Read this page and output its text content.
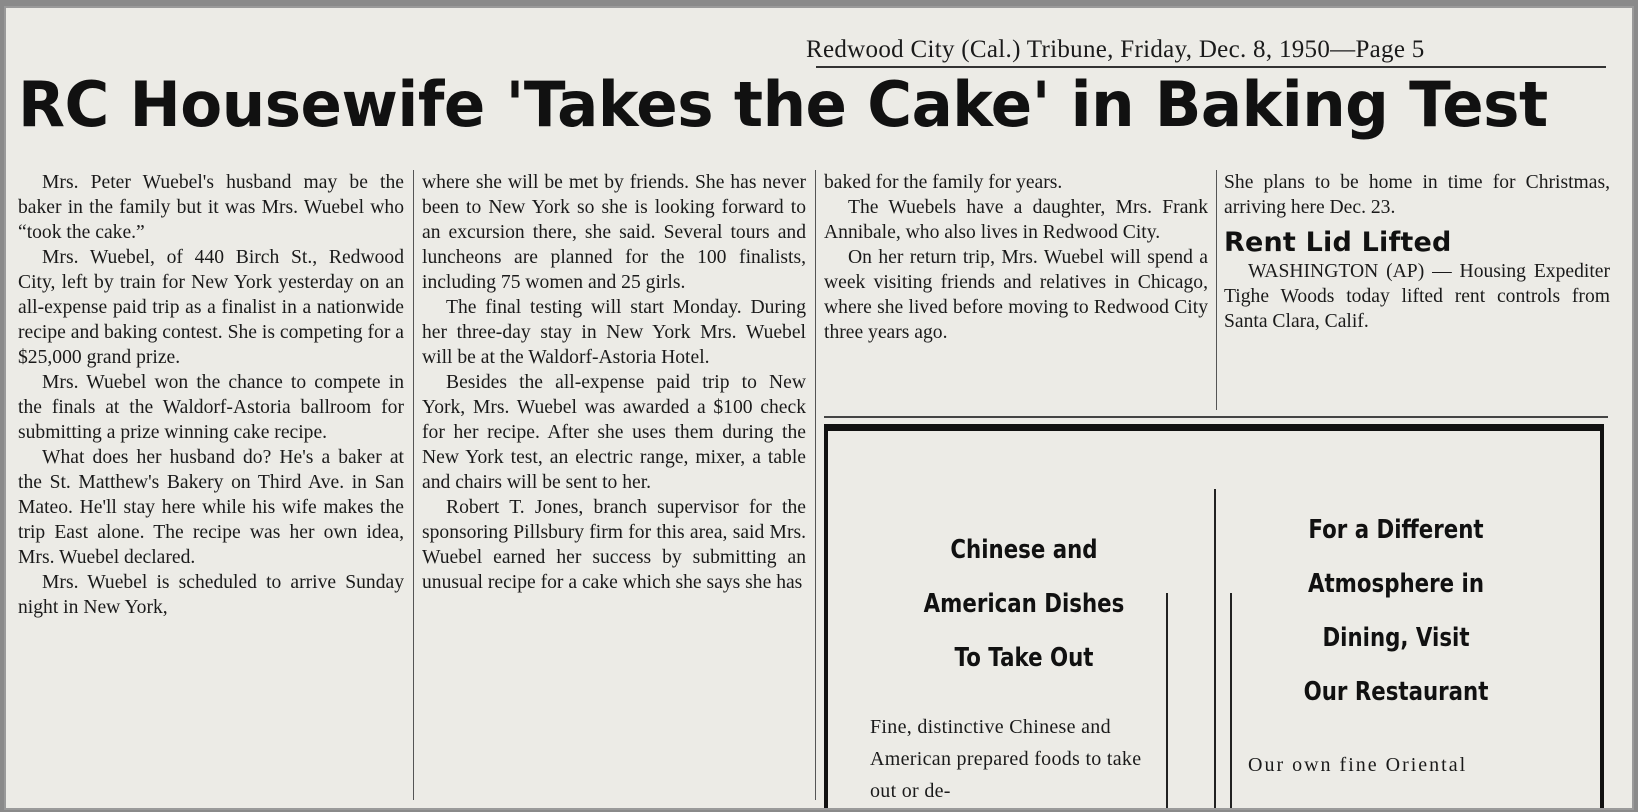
Redwood City (Cal.) Tribune, Friday, Dec. 8, 1950—Page 5
RC Housewife 'Takes the Cake' in Baking Test

Mrs. Peter Wuebel's husband may be the baker in the family but it was Mrs. Wuebel who “took the cake.”

Mrs. Wuebel, of 440 Birch St., Redwood City, left by train for New York yesterday on an all-expense paid trip as a finalist in a nationwide recipe and baking contest. She is competing for a $25,000 grand prize.

Mrs. Wuebel won the chance to compete in the finals at the Waldorf-Astoria ballroom for submitting a prize winning cake recipe.

What does her husband do? He's a baker at the St. Matthew's Bakery on Third Ave. in San Mateo. He'll stay here while his wife makes the trip East alone. The recipe was her own idea, Mrs. Wuebel declared.

Mrs. Wuebel is scheduled to arrive Sunday night in New York,

where she will be met by friends. She has never been to New York so she is looking forward to an excursion there, she said. Several tours and luncheons are planned for the 100 finalists, including 75 women and 25 girls.

The final testing will start Monday. During her three-day stay in New York Mrs. Wuebel will be at the Waldorf-Astoria Hotel.

Besides the all-expense paid trip to New York, Mrs. Wuebel was awarded a $100 check for her recipe. After she uses them during the New York test, an electric range, mixer, a table and chairs will be sent to her.

Robert T. Jones, branch supervisor for the sponsoring Pillsbury firm for this area, said Mrs. Wuebel earned her success by submitting an unusual recipe for a cake which she says she has

baked for the family for years.

The Wuebels have a daughter, Mrs. Frank Annibale, who also lives in Redwood City.

On her return trip, Mrs. Wuebel will spend a week visiting friends and relatives in Chicago, where she lived before moving to Redwood City three years ago.

She plans to be home in time for Christmas, arriving here Dec. 23.

Rent Lid Lifted

WASHINGTON (AP) — Housing Expediter Tighe Woods today lifted rent controls from Santa Clara, Calif.

Chinese and
American Dishes
To Take Out
Fine, distinctive Chinese and American prepared foods to take out or de-
For a Different
Atmosphere in
Dining, Visit
Our Restaurant
Our own fine Oriental
